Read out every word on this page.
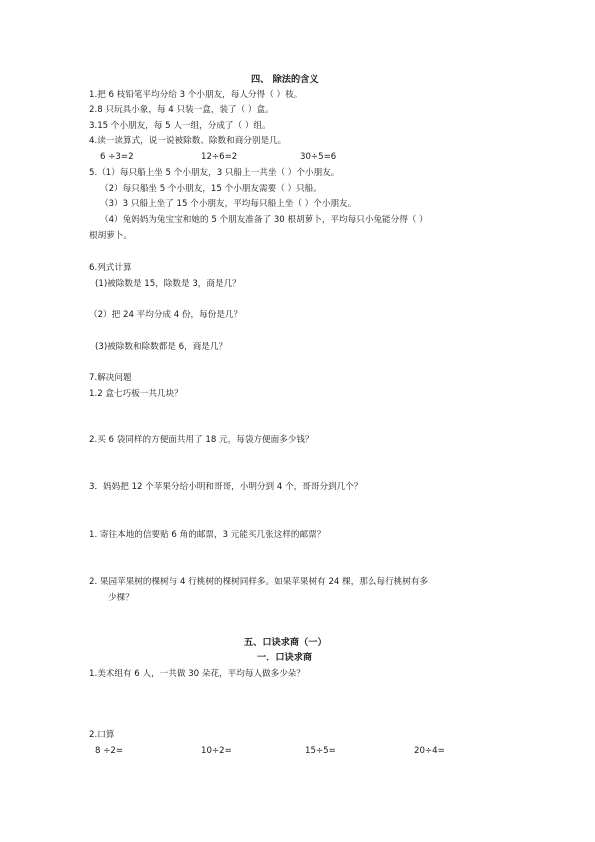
四、 除法的含义
1.把 6 枝铅笔平均分给 3 个小朋友，每人分得（ ）枝。
2.8 只玩具小象，每 4 只装一盒，装了（ ）盒。
3.15 个小朋友，每 5 人一组，分成了（ ）组。
4.读一读算式，说一说被除数、除数和商分别是几。
6 ÷3=2	12÷6=2	30÷5=6
5.（1）每只船上坐 5 个小朋友，3 只船上一共坐（ ）个小朋友。
（2）每只船坐 5 个小朋友，15 个小朋友需要（ ）只船。
（3）3 只船上坐了 15 个小朋友，平均每只船上坐（ ）个小朋友。
（4）兔妈妈为兔宝宝和她的 5 个朋友准备了 30 根胡萝卜，平均每只小兔能分得（ ）
根胡萝卜。
6.列式计算
(1)被除数是 15，除数是 3，商是几？
（2）把 24 平均分成 4 份，每份是几？
(3)被除数和除数都是 6，商是几？
7.解决问题
1.2 盒七巧板一共几块？
2.买 6 袋同样的方便面共用了 18 元，每袋方便面多少钱？
3．妈妈把 12 个苹果分给小明和哥哥，小明分到 4 个，哥哥分到几个？
1. 寄往本地的信要贴 6 角的邮票，3 元能买几张这样的邮票？
2. 果园苹果树的棵树与 4 行桃树的棵树同样多。如果苹果树有 24 棵，那么每行桃树有多
少棵？
五、口诀求商（一）
一．口诀求商
1.美术组有 6 人，一共做 30 朵花，平均每人做多少朵？
2.口算
8 ÷2=	10÷2=	15÷5=	20÷4=
